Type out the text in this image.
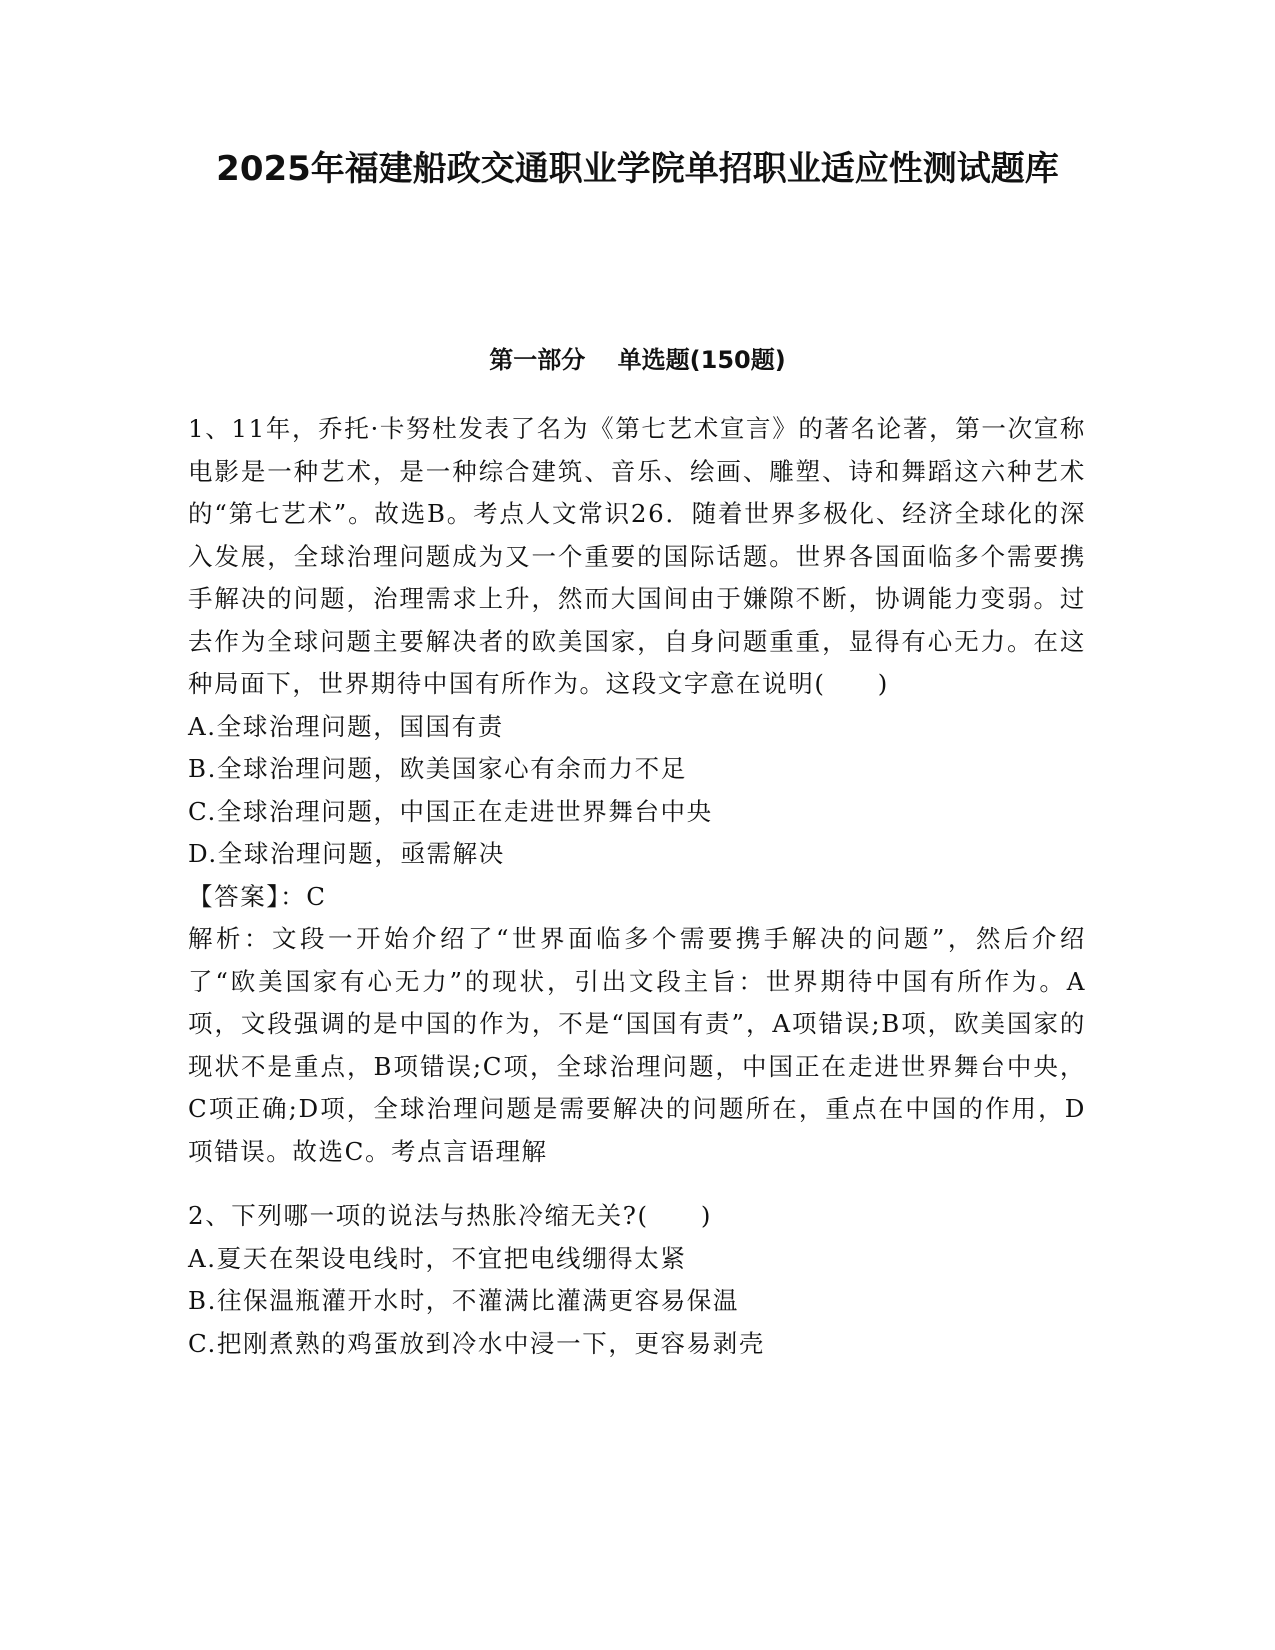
2025年福建船政交通职业学院单招职业适应性测试题库
第一部分　 单选题(150题)

1、11年，乔托·卡努杜发表了名为《第七艺术宣言》的著名论著，第一次宣称电影是一种艺术，是一种综合建筑、音乐、绘画、雕塑、诗和舞蹈这六种艺术的“第七艺术”。故选B。考点人文常识26．随着世界多极化、经济全球化的深入发展，全球治理问题成为又一个重要的国际话题。世界各国面临多个需要携手解决的问题，治理需求上升，然而大国间由于嫌隙不断，协调能力变弱。过去作为全球问题主要解决者的欧美国家，自身问题重重，显得有心无力。在这种局面下，世界期待中国有所作为。这段文字意在说明(　　)

A.全球治理问题，国国有责

B.全球治理问题，欧美国家心有余而力不足

C.全球治理问题，中国正在走进世界舞台中央

D.全球治理问题，亟需解决

【答案】：C

解析：文段一开始介绍了“世界面临多个需要携手解决的问题”，然后介绍了“欧美国家有心无力”的现状，引出文段主旨：世界期待中国有所作为。A项，文段强调的是中国的作为，不是“国国有责”，A项错误;B项，欧美国家的现状不是重点，B项错误;C项，全球治理问题，中国正在走进世界舞台中央，C项正确;D项，全球治理问题是需要解决的问题所在，重点在中国的作用，D项错误。故选C。考点言语理解

2、下列哪一项的说法与热胀冷缩无关?(　　)

A.夏天在架设电线时，不宜把电线绷得太紧

B.往保温瓶灌开水时，不灌满比灌满更容易保温

C.把刚煮熟的鸡蛋放到冷水中浸一下，更容易剥壳
